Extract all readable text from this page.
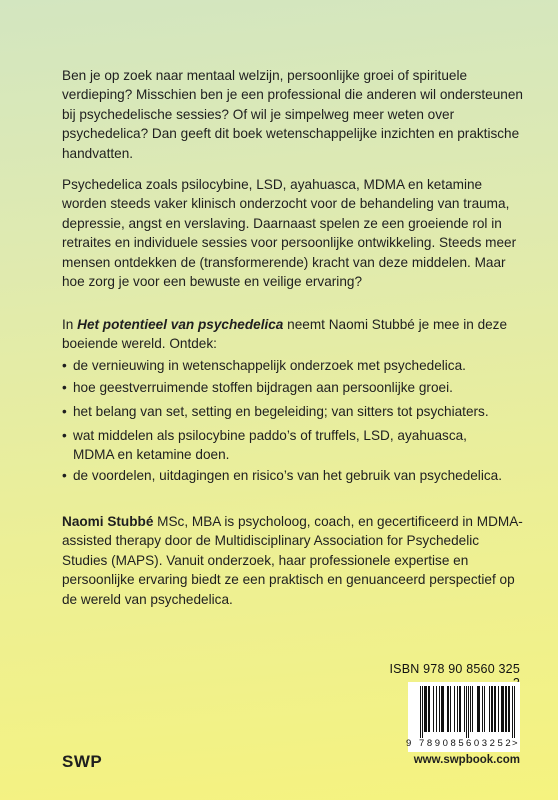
Ben je op zoek naar mentaal welzijn, persoonlijke groei of spirituele verdieping? Misschien ben je een professional die anderen wil ondersteunen bij psychedelische sessies? Of wil je simpelweg meer weten over psychedelica? Dan geeft dit boek wetenschappelijke inzichten en praktische handvatten.

Psychedelica zoals psilocybine, LSD, ayahuasca, MDMA en ketamine worden steeds vaker klinisch onderzocht voor de behandeling van trauma, depressie, angst en verslaving. Daarnaast spelen ze een groeiende rol in retraites en individuele sessies voor persoonlijke ontwikkeling. Steeds meer mensen ontdekken de (transformerende) kracht van deze middelen. Maar hoe zorg je voor een bewuste en veilige ervaring?

In Het potentieel van psychedelica neemt Naomi Stubbé je mee in deze boeiende wereld. Ontdek:

• de vernieuwing in wetenschappelijk onderzoek met psychedelica.
• hoe geestverruimende stoffen bijdragen aan persoonlijke groei.
• het belang van set, setting en begeleiding; van sitters tot psychiaters.
• wat middelen als psilocybine paddo’s of truffels, LSD, ayahuasca, MDMA en ketamine doen.
• de voordelen, uitdagingen en risico’s van het gebruik van psychedelica.

Naomi Stubbé MSc, MBA is psycholoog, coach, en gecertificeerd in MDMA-assisted therapy door de Multidisciplinary Association for Psychedelic Studies (MAPS). Vanuit onderzoek, haar professionele expertise en persoonlijke ervaring biedt ze een praktisch en genuanceerd perspectief op de wereld van psychedelica.

SWP
ISBN 978 90 8560 325
9 789085 603252
>
www.swpbook.com
